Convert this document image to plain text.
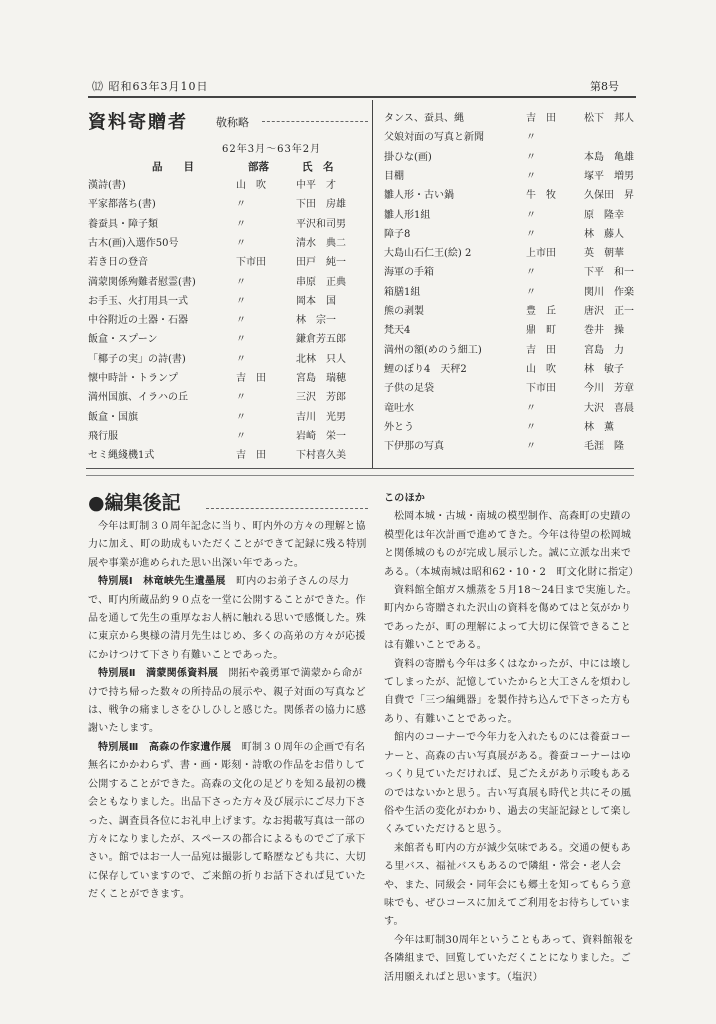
⑿ 昭和63年3月10日	第8号
資料寄贈者	敬称略
62年3月～63年2月
品　　目	部落	氏　名
漢詩(書)	山　吹	中平　才
平家都落ち(書)	〃	下田　房雄
養蚕具・障子類	〃	平沢和司男
古木(画)入選作50号	〃	清水　典二
若き日の登音	下市田	田戸　純一
満蒙関係殉難者慰霊(書)	〃	串原　正典
お手玉、火打用具一式	〃	岡本　国
中谷附近の土器・石器	〃	林　宗一
飯盒・スプーン	〃	鎌倉芳五郎
「椰子の実」の詩(書)	〃	北林　只人
懐中時計・トランプ	吉　田	宮島　瑞穂
満州国旗、イラハの丘	〃	三沢　芳郎
飯盒・国旗	〃	吉川　光男
飛行服	〃	岩崎　栄一
セミ縄綫機1式	吉　田	下村喜久美
タンス、蚕具、縄	吉　田	松下　邦人
父娘対面の写真と新聞	〃
掛ひな(画)	〃	本島　亀雄
目棚	〃	塚平　増男
雛人形・古い鍋	牛　牧	久保田　昇
雛人形1組	〃	原　隆幸
障子8	〃	林　藤人
大島山石仁王(絵) 2	上市田	英　朝華
海軍の手箱	〃	下平　和一
箱膳1組	〃	関川　作楽
熊の剥製	豊　丘	唐沢　正一
梵天4	鼎　町	巻井　操
満州の額(めのう細工)	吉　田	宮島　力
鯉のぼり4　天秤2	山　吹	林　敏子
子供の足袋	下市田	今川　芳章
竜吐水	〃	大沢　喜晨
外とう	〃	林　薫
下伊那の写真	〃	毛涯　隆
●編集後記

今年は町制３０周年記念に当り、町内外の方々の理解と協力に加え、町の助成もいただくことができて記録に残る特別展や事業が進められた思い出深い年であった。

特別展Ⅰ　林竜峡先生遺墨展　 町内のお弟子さんの尽力で、町内所蔵品約９０点を一堂に公開することができた。作品を通して先生の重厚なお人柄に触れる思いで感慨した。殊に東京から奥様の清月先生はじめ、多くの高弟の方々が応援にかけつけて下さり有難いことであった。

特別展Ⅱ　満蒙関係資料展　 開拓や義勇軍で満蒙から命がけで持ち帰った数々の所持品の展示や、親子対面の写真などは、戦争の痛ましさをひしひしと感じた。関係者の協力に感謝いたします。

特別展Ⅲ　高森の作家遺作展　 町制３０周年の企画で有名無名にかかわらず、書・画・彫刻・詩歌の作品をお借りして公開することができた。高森の文化の足どりを知る最初の機会ともなりました。出品下さった方々及び展示にご尽力下さった、調査員各位にお礼申上げます。なお掲載写真は一部の方々になりましたが、スペースの都合によるものでご了承下さい。館ではお一人一品宛は撮影して略歴なども共に、大切に保存していますので、ご来館の折りお話下されば見ていただくことができます。

このほか

松岡本城・古城・南城の模型制作、高森町の史蹟の模型化は年次計画で進めてきた。今年は待望の松岡城と関係城のものが完成し展示した。誠に立派な出来である。（本城南城は昭和62・10・2　町文化財に指定）

資料館全館ガス燻蒸を５月18～24日まで実施した。町内から寄贈された沢山の資料を傷めてはと気がかりであったが、町の理解によって大切に保管できることは有難いことである。

資料の寄贈も今年は多くはなかったが、中には壊してしまったが、記憶していたからと大工さんを煩わし自費で「三つ編縄器」を製作持ち込んで下さった方もあり、有難いことであった。

館内のコーナーで今年力を入れたものには養蚕コーナーと、高森の古い写真展がある。養蚕コーナーはゆっくり見ていただければ、見ごたえがあり示唆もあるのではないかと思う。古い写真展も時代と共にその風俗や生活の変化がわかり、過去の実証記録として楽しくみていただけると思う。

来館者も町内の方が減少気味である。交通の便もある里バス、福祉バスもあるので隣組・常会・老人会や、また、同級会・同年会にも郷土を知ってもらう意味でも、ぜひコースに加えてご利用をお待ちしています。

今年は町制30周年ということもあって、資料館報を各隣組まで、回覧していただくことになりました。ご活用願えればと思います。（塩沢）
